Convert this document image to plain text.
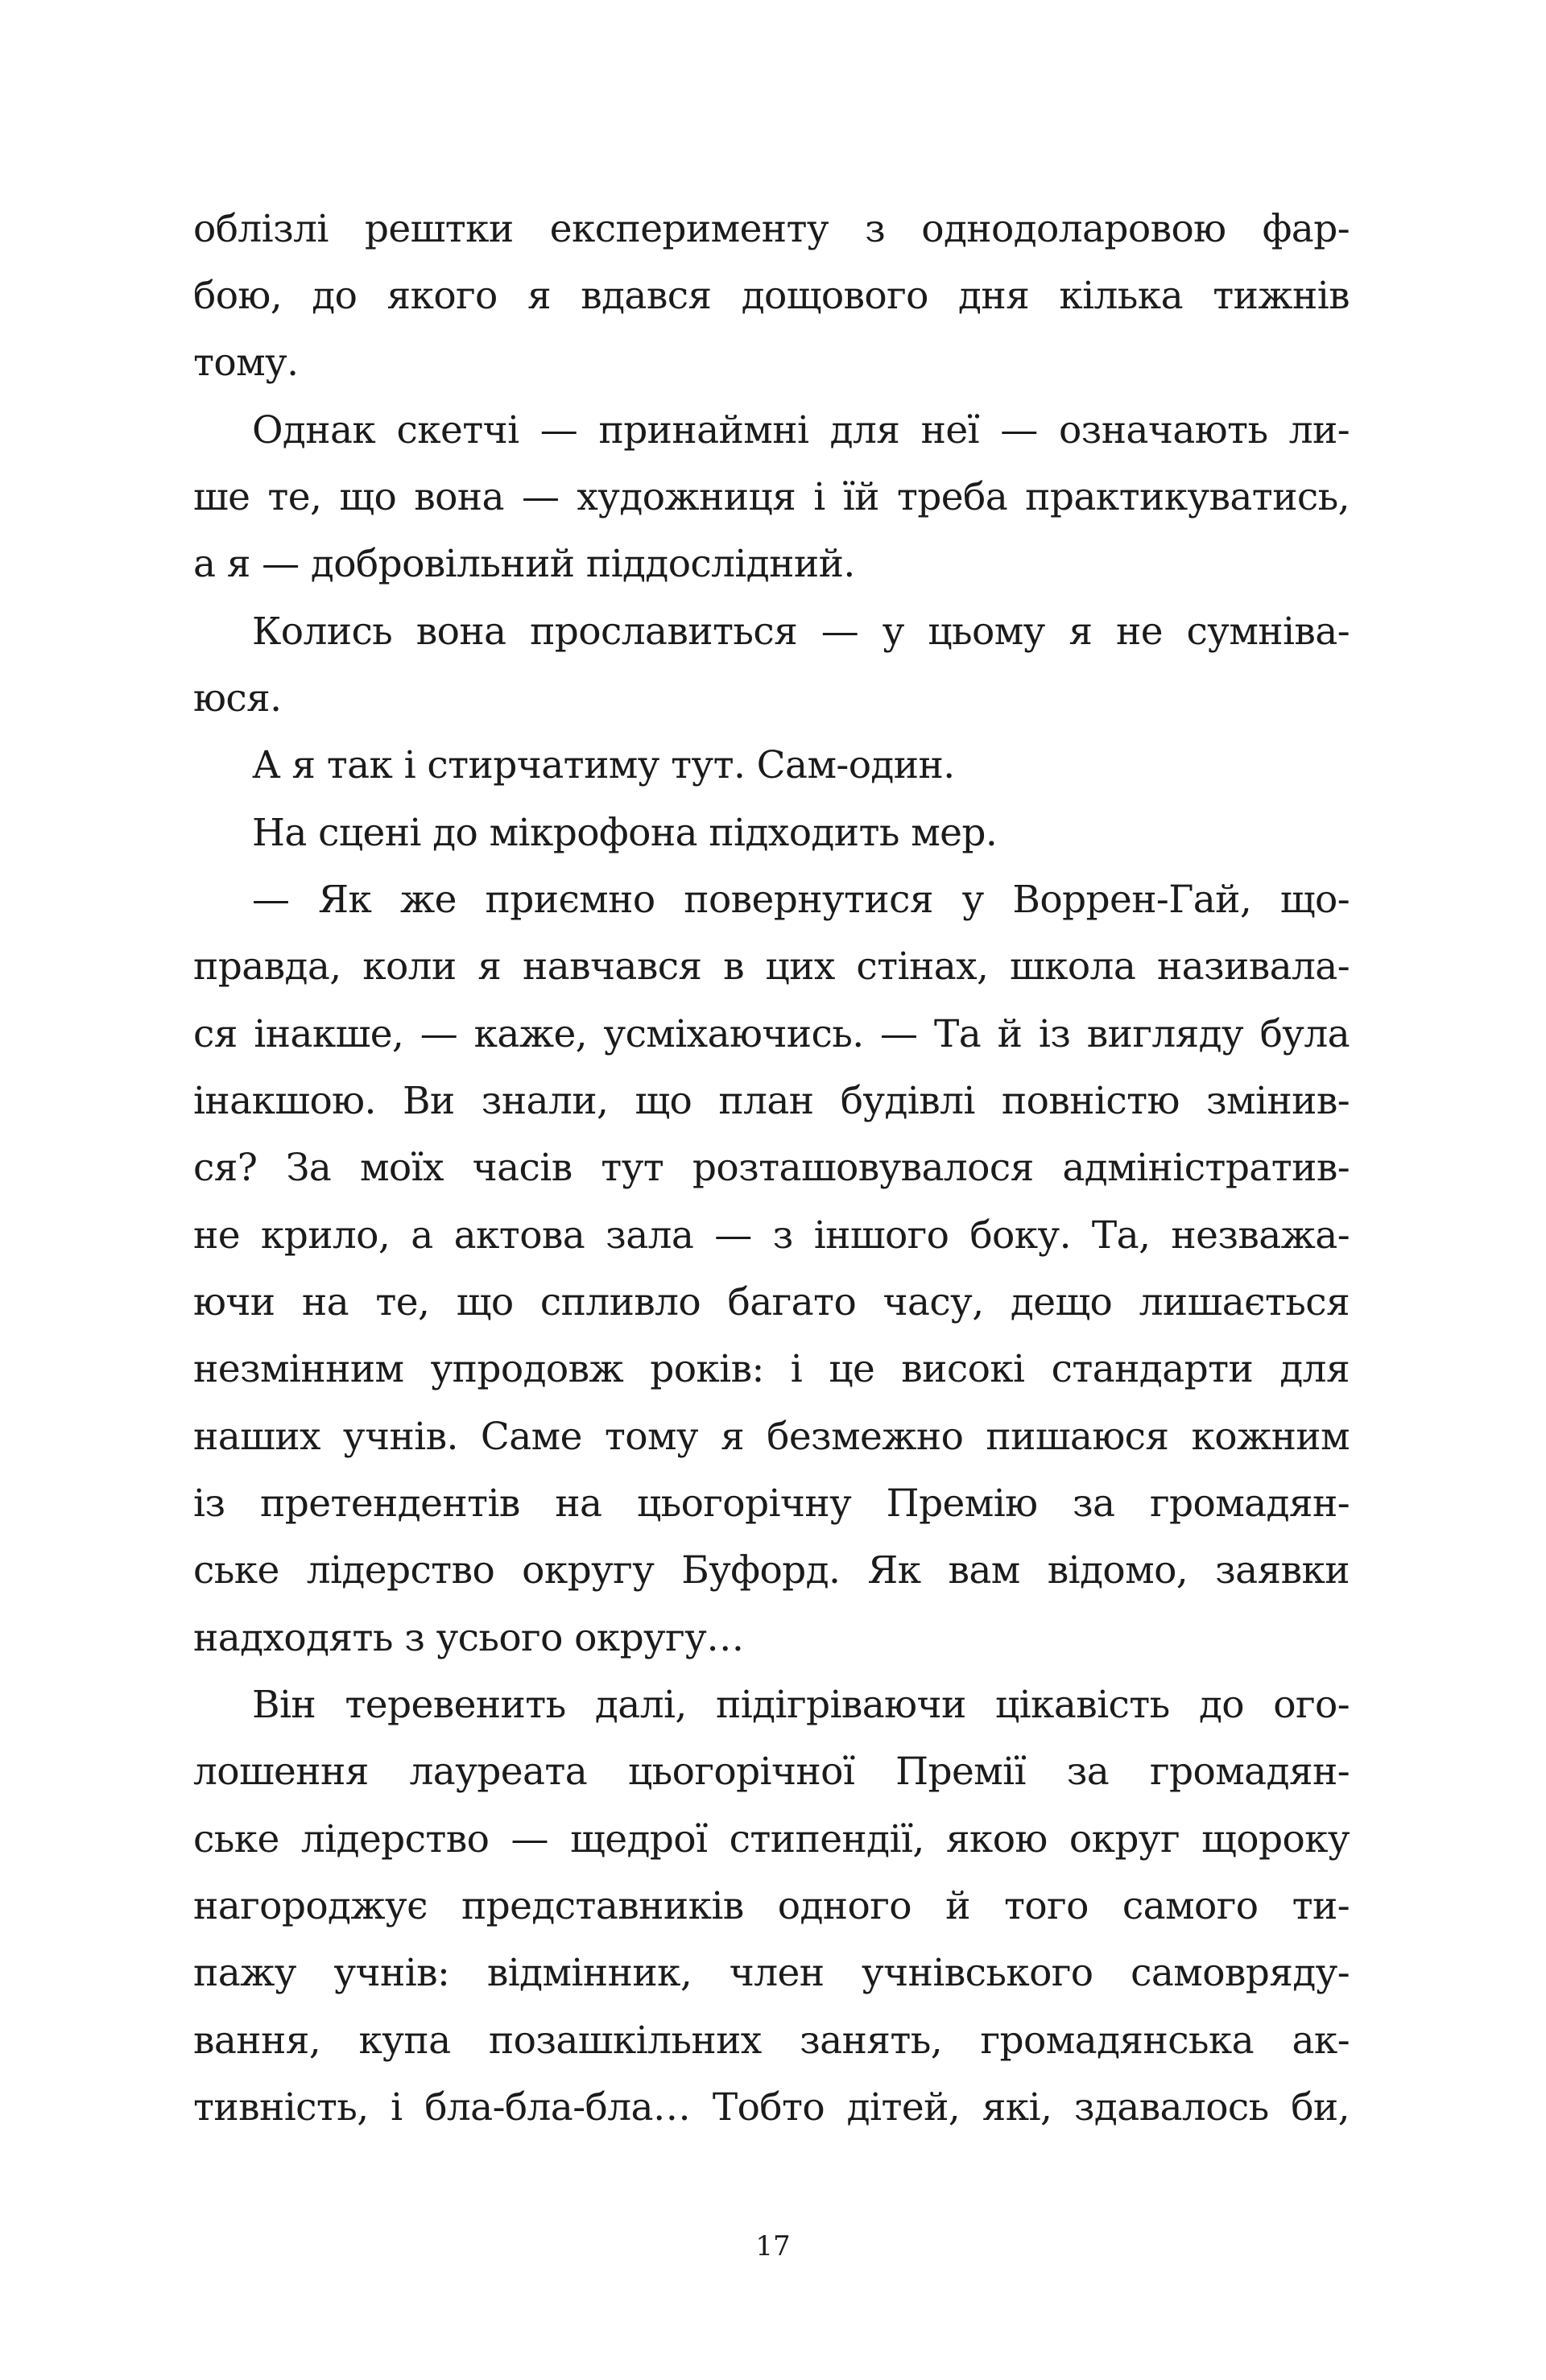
облізлі рештки експерименту з однодоларовою фар-
бою, до якого я вдався дощового дня кілька тижнів
тому.
Однак скетчі — принаймні для неї — означають ли-
ше те, що вона — художниця і їй треба практикуватись,
а я — добровільний піддослідний.
Колись вона прославиться — у цьому я не сумніва-
юся.
А я так і стирчатиму тут. Сам-один.
На сцені до мікрофона підходить мер.
— Як же приємно повернутися у Воррен-Гай, що-
правда, коли я навчався в цих стінах, школа називала-
ся інакше, — каже, усміхаючись. — Та й із вигляду була
інакшою. Ви знали, що план будівлі повністю змінив-
ся? За моїх часів тут розташовувалося адміністратив-
не крило, а актова зала — з іншого боку. Та, незважа-
ючи на те, що спливло багато часу, дещо лишається
незмінним упродовж років: і це високі стандарти для
наших учнів. Саме тому я безмежно пишаюся кожним
із претендентів на цьогорічну Премію за громадян-
ське лідерство округу Буфорд. Як вам відомо, заявки
надходять з усього округу…
Він теревенить далі, підігріваючи цікавість до ого-
лошення лауреата цьогорічної Премії за громадян-
ське лідерство — щедрої стипендії, якою округ щороку
нагороджує представників одного й того самого ти-
пажу учнів: відмінник, член учнівського самовряду-
вання, купа позашкільних занять, громадянська ак-
тивність, і бла-бла-бла… Тобто дітей, які, здавалось би,
17
